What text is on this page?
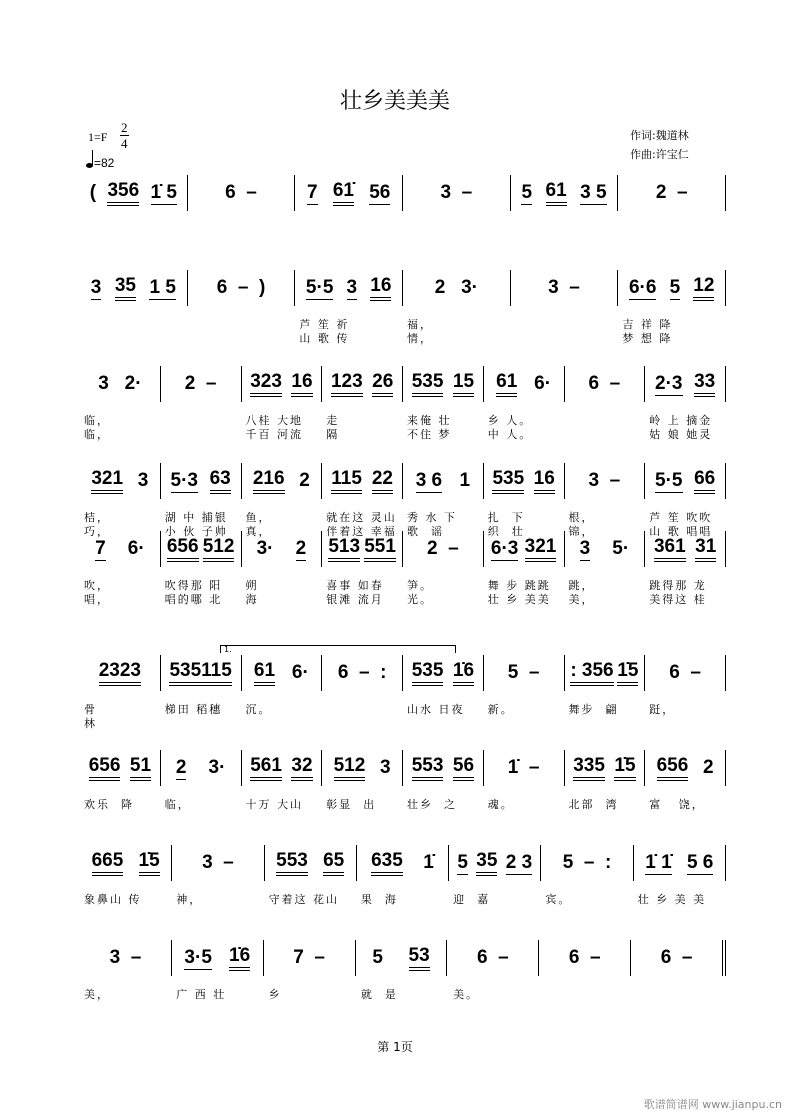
壮乡美美美
1=F
2
4
=82
作词:魏道林
作曲:许宝仁
( 356 1̇ 5	6  –	7 61̇ 56	3  –	5 61 3 5	2  –
3 35 1 5 6  –  ) 5·5 3 16 2   3·	3  –	6·6 5 12
芦 笙 祈	福，	吉 祥 降
山 歌 传	情，	梦 想 降
3   2· 2  – 323 16 123 26 535 15 61 6· 6  – 2·3 33
临，	八桂 大地	走	来俺 壮	乡 人。	岭 上 摘金
临，	千百 河流	隔	不住 梦	中 人。	姑 娘 她灵
321 3 5·3 63 216 2 115 22 3 6 1 535 16 3  – 5·5 66
桔，	湖 中 捕银	鱼，	就在这 灵山 秀 水 下	扎  下	根，	芦 笙 吹吹
巧，	小 伙 子帅	真，	伴着这 幸福 歌  谣	织  壮	锦，	山 歌 唱唱
7 6· 656 512 3· 2 513 551 2  – 6·3 321 3 5· 361 31
吹，	吹得那 阳	朔	喜事 如春	笋。	舞 步 跳跳	跳，	跳得那 龙
唱，	唱的哪 北	海	银滩 流月	光。	壮 乡 美美	美，	美得这 桂
1.
2323 535115 61 6· 6  –  : 535 1̇6 5  – : 356 1̇5 6  –
骨	梯田 稻穗	沉。	山水 日夜	新。	舞步  翩	跹，
林
656 51 2 3· 561 32 512 3 553 56 1̇  – 335 1̇5 656 2
欢乐  降	临，	十万 大山	彰显  出	壮乡  之	魂。	北部  湾	富   饶，
665 1̇5 3  – 553 65 635 1̇ 5 35 2 3 5  –  : 1̇ 1̇ 5 6
象鼻山 传	神，	守着这 花山	果  海	迎  嘉	宾。	壮 乡 美 美
3  – 3·5 1̇6 7  – 5 53 6  –	6  –	6  –
美，	广 西 壮	乡	就  是	美。
第 1页
歌谱简谱网 www.jianpu.cn
